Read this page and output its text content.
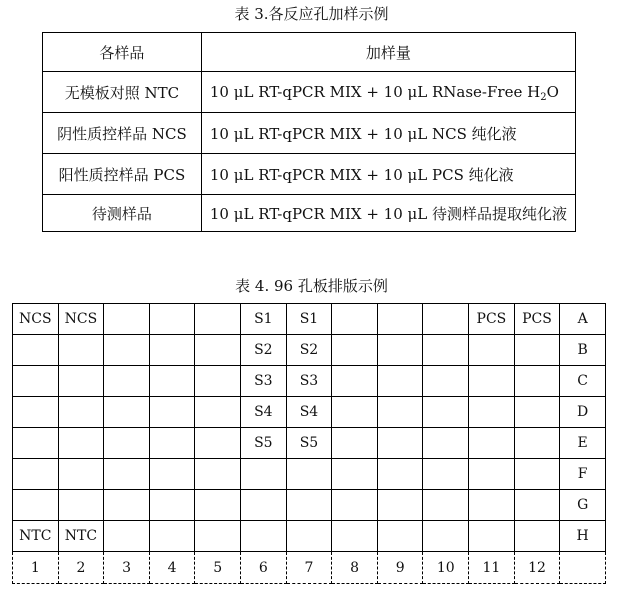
表 3.各反应孔加样示例
各样品	加样量
无模板对照 NTC	10 μL RT-qPCR MIX + 10 μL RNase-Free $H_2O$
阴性质控样品 NCS	10 μL RT-qPCR MIX + 10 μL NCS 纯化液
阳性质控样品 PCS	10 μL RT-qPCR MIX + 10 μL PCS 纯化液
待测样品	10 μL RT-qPCR MIX + 10 μL 待测样品提取纯化液
表 4. 96 孔板排版示例
NCS	NCS				S1	S1				PCS	PCS	A
					S2	S2						B
					S3	S3						C
					S4	S4						D
					S5	S5						E
												F
												G
NTC	NTC											H
1	2	3	4	5	6	7	8	9	10	11	12	
